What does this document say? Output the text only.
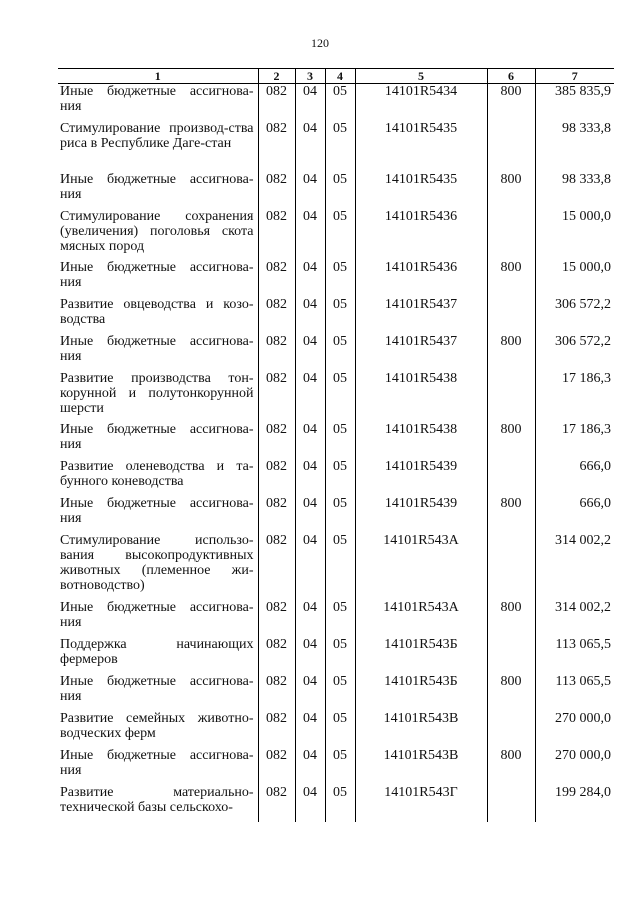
120
1	2	3	4	5	6	7
Иные бюджетные ассигнова-ния	082	04	05	14101R5434	800	385 835,9
Стимулирование производ-ства риса в Республике Даге-стан	082	04	05	14101R5435		98 333,8
Иные бюджетные ассигнова-ния	082	04	05	14101R5435	800	98 333,8
Стимулирование сохранения (увеличения) поголовья скота мясных пород	082	04	05	14101R5436		15 000,0
Иные бюджетные ассигнова-ния	082	04	05	14101R5436	800	15 000,0
Развитие овцеводства и козо-водства	082	04	05	14101R5437		306 572,2
Иные бюджетные ассигнова-ния	082	04	05	14101R5437	800	306 572,2
Развитие производства тон-корунной и полутонкорунной шерсти	082	04	05	14101R5438		17 186,3
Иные бюджетные ассигнова-ния	082	04	05	14101R5438	800	17 186,3
Развитие оленеводства и та-бунного коневодства	082	04	05	14101R5439		666,0
Иные бюджетные ассигнова-ния	082	04	05	14101R5439	800	666,0
Стимулирование использо-вания высокопродуктивных животных (племенное жи-вотноводство)	082	04	05	14101R543А		314 002,2
Иные бюджетные ассигнова-ния	082	04	05	14101R543А	800	314 002,2
Поддержка начинающих фермеров	082	04	05	14101R543Б		113 065,5
Иные бюджетные ассигнова-ния	082	04	05	14101R543Б	800	113 065,5
Развитие семейных животно-водческих ферм	082	04	05	14101R543В		270 000,0
Иные бюджетные ассигнова-ния	082	04	05	14101R543В	800	270 000,0
Развитие материально-технической базы сельскохо-	082	04	05	14101R543Г		199 284,0
